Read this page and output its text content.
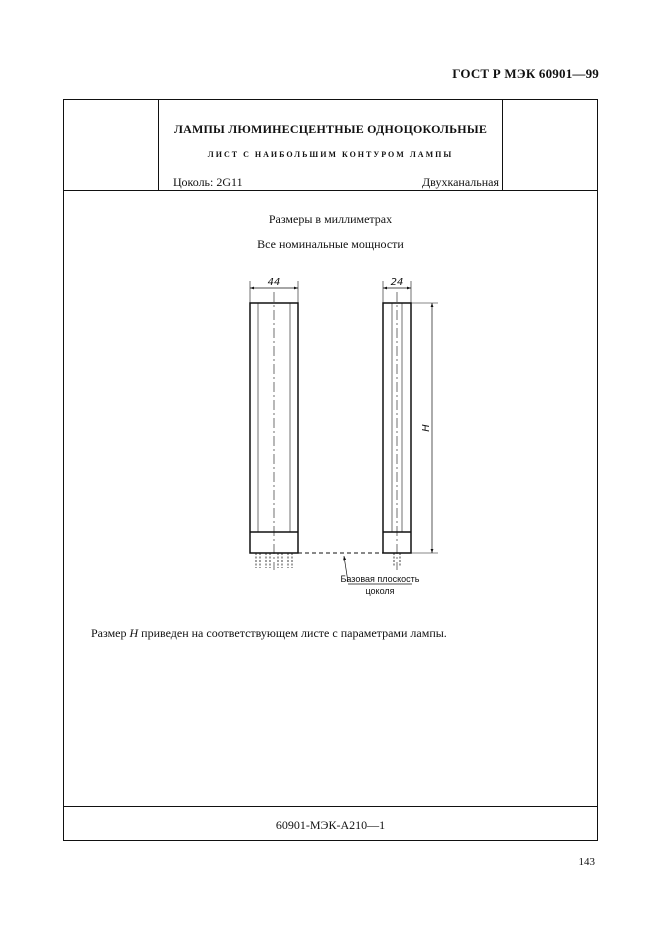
ГОСТ Р МЭК 60901—99
ЛАМПЫ ЛЮМИНЕСЦЕНТНЫЕ ОДНОЦОКОЛЬНЫЕ
ЛИСТ С НАИБОЛЬШИМ КОНТУРОМ ЛАМПЫ
Цоколь: 2G11	Двухканальная
Размеры в миллиметрах
Все номинальные мощности
Размер H приведен на соответствующем листе с параметрами лампы.
60901-МЭК-A210—1
44	24
H
Базовая плоскость
цоколя
143
